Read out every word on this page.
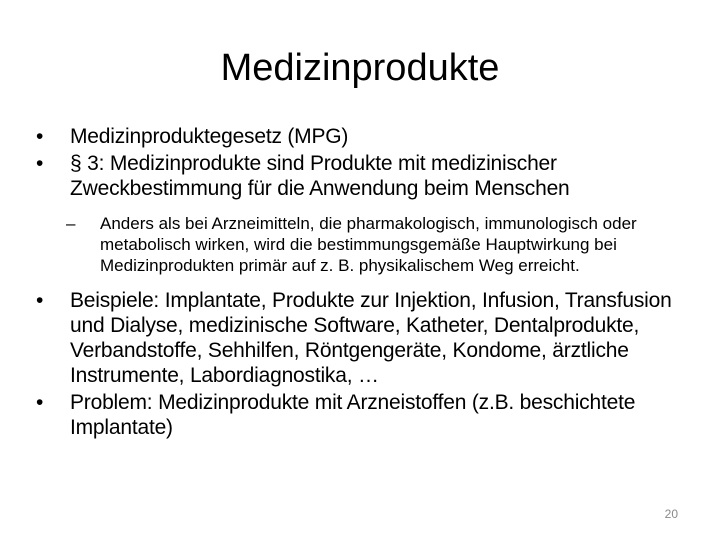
Medizinprodukte
•	Medizinproduktegesetz (MPG)
•	§ 3: Medizinprodukte sind Produkte mit medizinischer Zweckbestimmung für die Anwendung beim Menschen
– Anders als bei Arzneimitteln, die pharmakologisch, immunologisch oder metabolisch wirken, wird die bestimmungsgemäße Hauptwirkung bei Medizinprodukten primär auf z. B. physikalischem Weg erreicht.
•	Beispiele: Implantate, Produkte zur Injektion, Infusion, Transfusion und Dialyse, medizinische Software, Katheter, Dentalprodukte, Verbandstoffe, Sehhilfen, Röntgengeräte, Kondome, ärztliche Instrumente, Labordiagnostika, …
•	Problem: Medizinprodukte mit Arzneistoffen (z.B. beschichtete Implantate)
20
